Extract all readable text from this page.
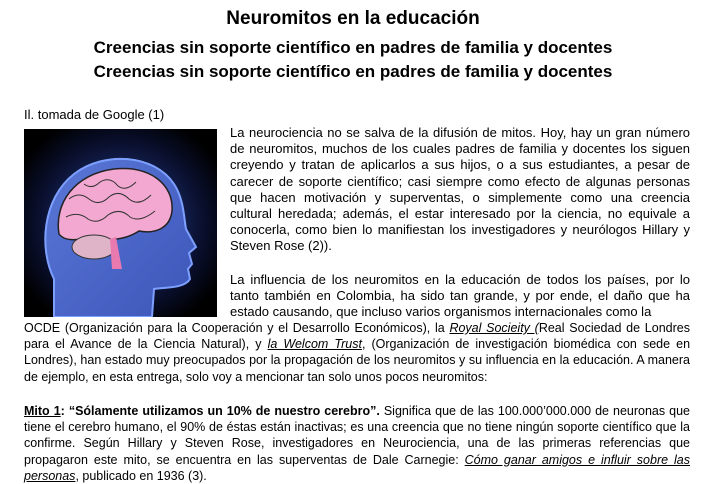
Neuromitos en la educación
Creencias sin soporte científico en padres de familia y docentes
Creencias sin soporte científico en padres de familia y docentes
Il. tomada de Google (1)
La neurociencia no se salva de la difusión de mitos. Hoy, hay un gran número de neuromitos, muchos de los cuales padres de familia y docentes los siguen creyendo y tratan de aplicarlos a sus hijos, o a sus estudiantes, a pesar de carecer de soporte científico; casi siempre como efecto de algunas personas que hacen motivación y superventas, o simplemente como una creencia cultural heredada; además, el estar interesado por la ciencia, no equivale a conocerla, como bien lo manifiestan los investigadores y neurólogos Hillary y Steven Rose (2)).
La influencia de los neuromitos en la educación de todos los países, por lo tanto también en Colombia, ha sido tan grande, y por ende, el daño que ha estado causando, que incluso varios organismos internacionales como la
OCDE (Organización para la Cooperación y el Desarrollo Económicos), la Royal Socieity (Real Sociedad de Londres para el Avance de la Ciencia Natural), y la Welcom Trust, (Organización de investigación biomédica con sede en Londres), han estado muy preocupados por la propagación de los neuromitos y su influencia en la educación. A manera de ejemplo, en esta entrega, solo voy a mencionar tan solo unos pocos neuromitos:
Mito 1: “Sólamente utilizamos un 10% de nuestro cerebro”. Significa que de las 100.000’000.000 de neuronas que tiene el cerebro humano, el 90% de éstas están inactivas; es una creencia que no tiene ningún soporte científico que la confirme. Según Hillary y Steven Rose, investigadores en Neurociencia, una de las primeras referencias que propagaron este mito, se encuentra en las superventas de Dale Carnegie: Cómo ganar amigos e influir sobre las personas, publicado en 1936 (3).
